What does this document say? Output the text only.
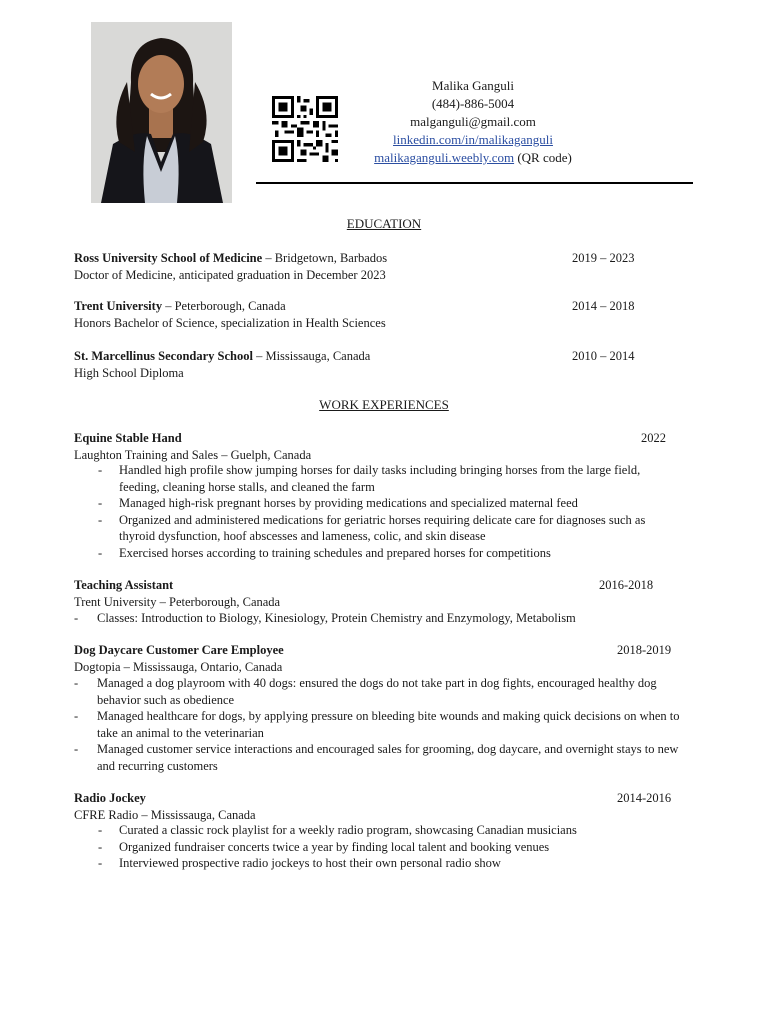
Malika Ganguli
(484)-886-5004
malganguli@gmail.com
linkedin.com/in/malikaganguli
malikaganguli.weebly.com (QR code)
EDUCATION
Ross University School of Medicine – Bridgetown, Barbados
Doctor of Medicine, anticipated graduation in December 2023
2019 – 2023
Trent University – Peterborough, Canada
Honors Bachelor of Science, specialization in Health Sciences
2014 – 2018
St. Marcellinus Secondary School – Mississauga, Canada
High School Diploma
2010 – 2014
WORK EXPERIENCES
Equine Stable Hand
Laughton Training and Sales – Guelph, Canada
2022
- Handled high profile show jumping horses for daily tasks including bringing horses from the large field, feeding, cleaning horse stalls, and cleaned the farm
- Managed high-risk pregnant horses by providing medications and specialized maternal feed
- Organized and administered medications for geriatric horses requiring delicate care for diagnoses such as thyroid dysfunction, hoof abscesses and lameness, colic, and skin disease
- Exercised horses according to training schedules and prepared horses for competitions
Teaching Assistant
Trent University – Peterborough, Canada
2016-2018
- Classes: Introduction to Biology, Kinesiology, Protein Chemistry and Enzymology, Metabolism
Dog Daycare Customer Care Employee
Dogtopia – Mississauga, Ontario, Canada
2018-2019
- Managed a dog playroom with 40 dogs: ensured the dogs do not take part in dog fights, encouraged healthy dog behavior such as obedience
- Managed healthcare for dogs, by applying pressure on bleeding bite wounds and making quick decisions on when to take an animal to the veterinarian
- Managed customer service interactions and encouraged sales for grooming, dog daycare, and overnight stays to new and recurring customers
Radio Jockey
CFRE Radio – Mississauga, Canada
2014-2016
- Curated a classic rock playlist for a weekly radio program, showcasing Canadian musicians
- Organized fundraiser concerts twice a year by finding local talent and booking venues
- Interviewed prospective radio jockeys to host their own personal radio show
